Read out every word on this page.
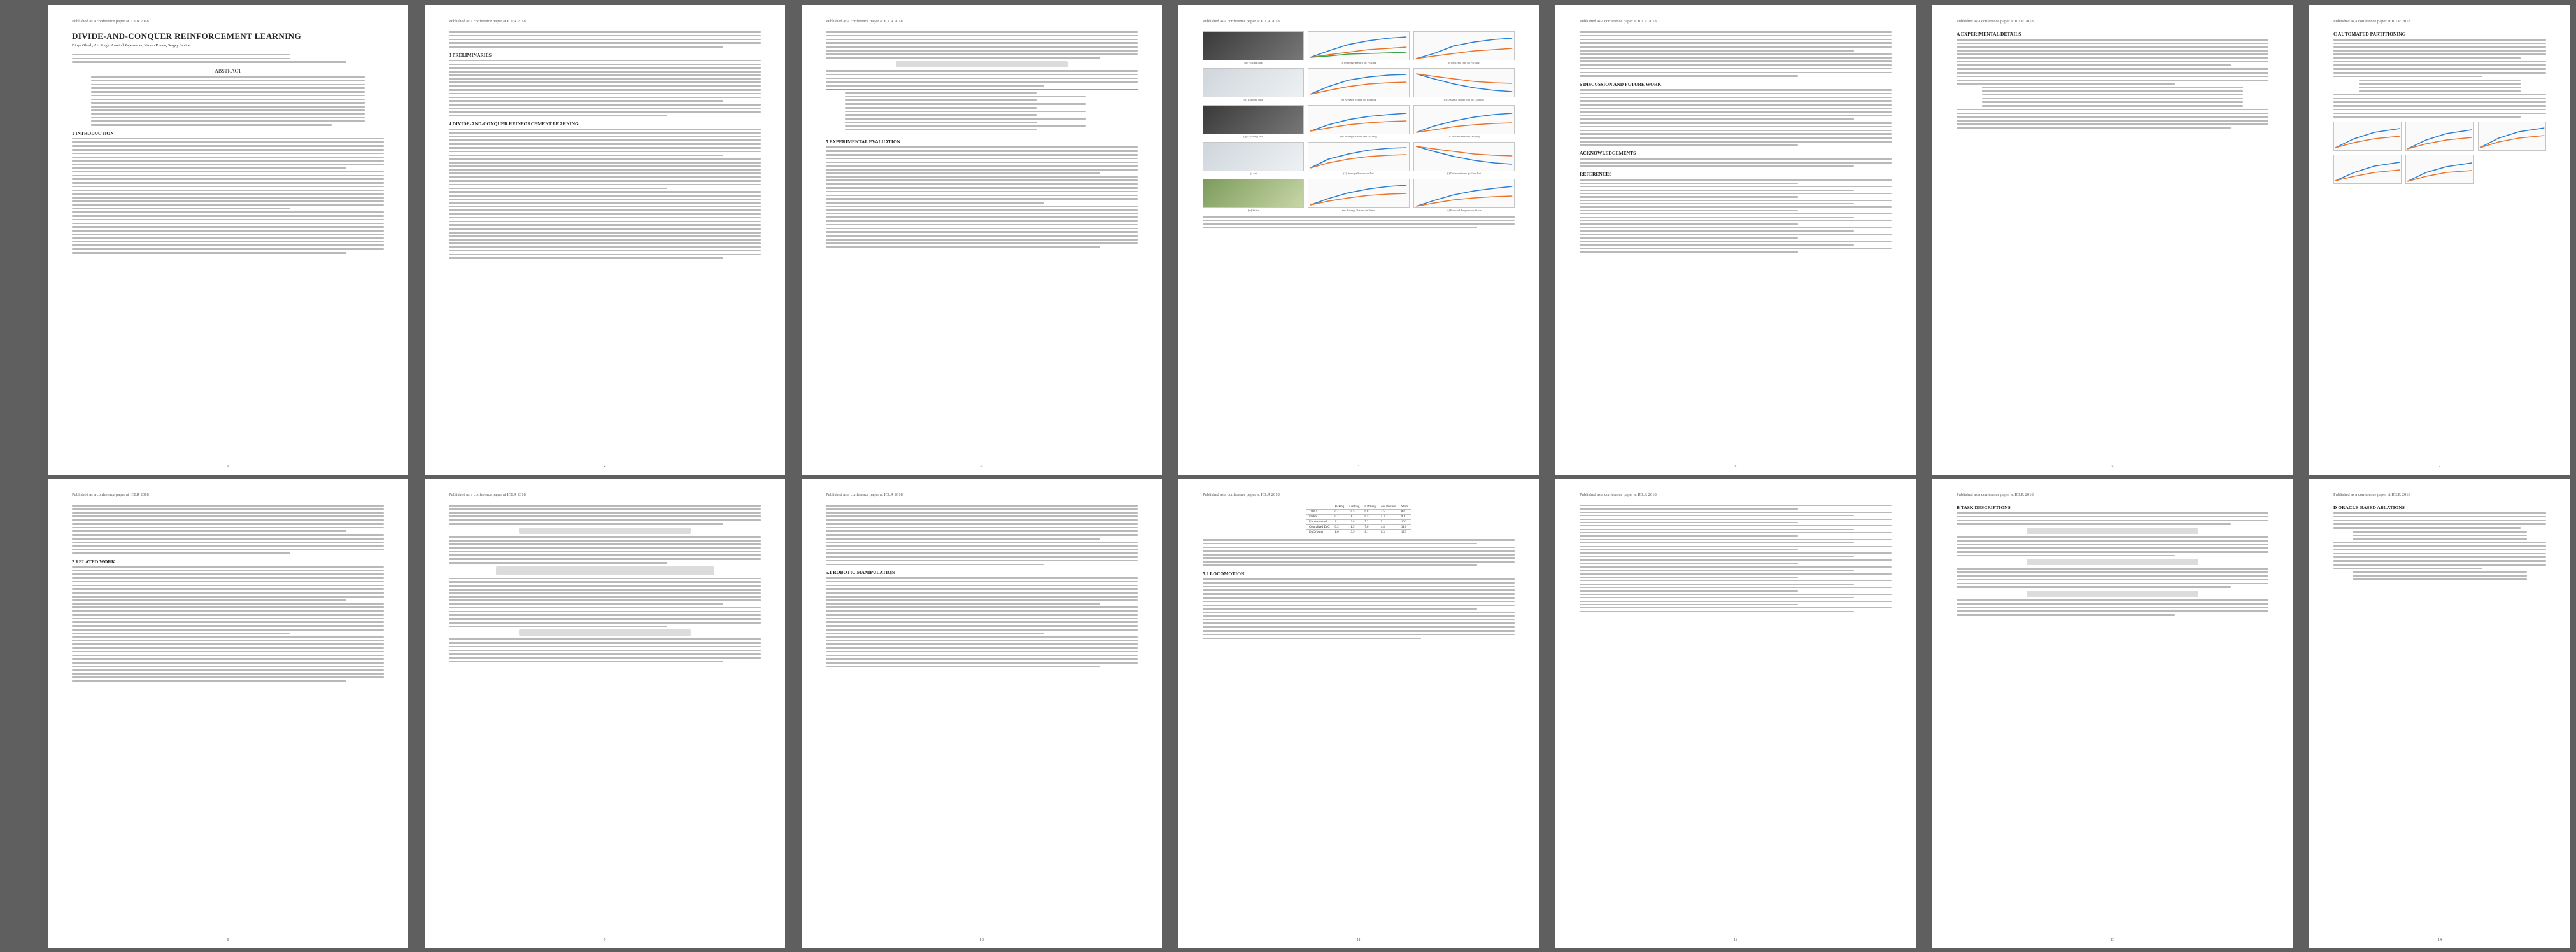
Published as a conference paper at ICLR 2018
DIVIDE-AND-CONQUER REINFORCEMENT LEARNING
Dibya Ghosh, Avi Singh, Aravind Rajeswaran, Vikash Kumar, Sergey Levine
ABSTRACT
1 INTRODUCTION
1
Published as a conference paper at ICLR 2018
3 PRELIMINARIES
4 DIVIDE-AND-CONQUER REINFORCEMENT LEARNING
2
Published as a conference paper at ICLR 2018
5 EXPERIMENTAL EVALUATION
3
Published as a conference paper at ICLR 2018
(a) Picking task	(b) Average Return on Picking	(c) Success rate on Picking
(d) Lobbing task	(e) Average Return on Lobbing	(f) Distance from Goal on Lobbing
(g) Catching task	(h) Average Return on Catching	(i) Success rate on Catching
(j) Ant	(k) Average Return on Ant	(l) Distance from goal on Ant
(m) Stairs	(n) Average Return on Stairs	(o) Forward Progress on Stairs
4
Published as a conference paper at ICLR 2018
6 DISCUSSION AND FUTURE WORK
ACKNOWLEDGEMENTS
REFERENCES
5
Published as a conference paper at ICLR 2018
A EXPERIMENTAL DETAILS
6
Published as a conference paper at ICLR 2018
C AUTOMATED PARTITIONING
7
Published as a conference paper at ICLR 2018
2 RELATED WORK
8
Published as a conference paper at ICLR 2018
9
Published as a conference paper at ICLR 2018
5.1 ROBOTIC MANIPULATION
10
Published as a conference paper at ICLR 2018
	Picking	Lobbing	Catching	Ant Position	Stairs
TRPO	0.1	10.5	6.8	2.5	8.6
Distral	0.7	11.2	6.5	4.3	9.1
Unconstrained	1.1	12.8	7.2	5.1	10.2
Centralized DnC	0.3	11.5	7.0	4.8	11.6
DnC (ours)	1.6	13.9	8.1	6.3	12.5
5.2 LOCOMOTION
11
Published as a conference paper at ICLR 2018
12
Published as a conference paper at ICLR 2018
B TASK DESCRIPTIONS
13
Published as a conference paper at ICLR 2018
D ORACLE-BASED ABLATIONS
14
